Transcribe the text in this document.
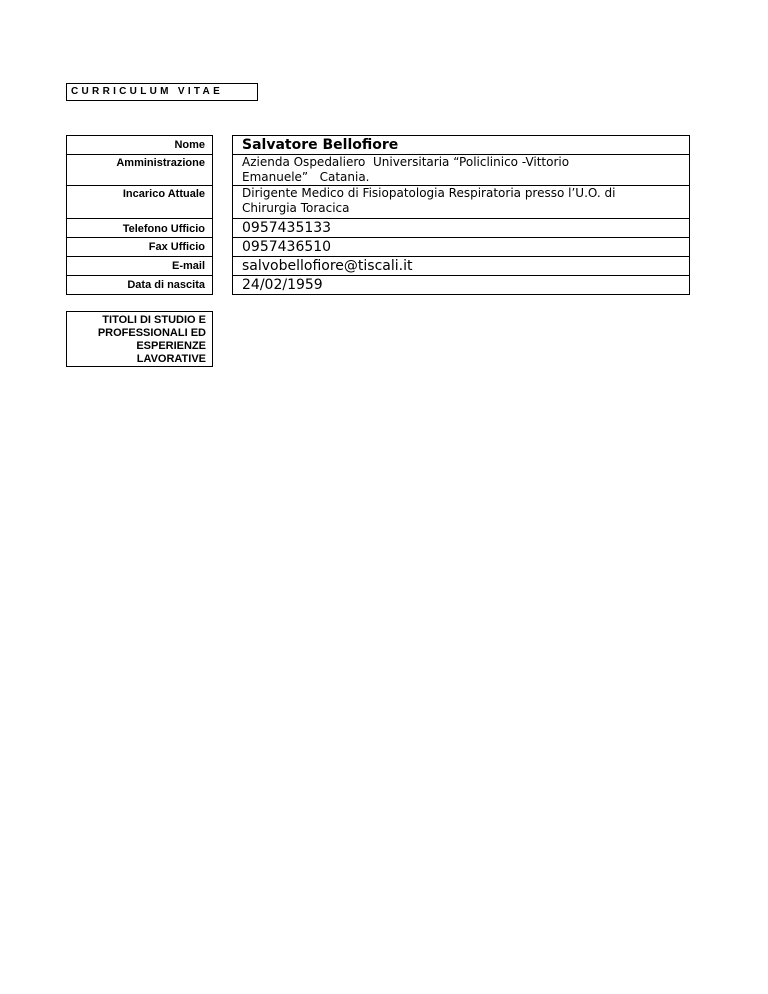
CURRICULUM VITAE
Nome
Amministrazione
Incarico Attuale
Telefono Ufficio
Fax Ufficio
E-mail
Data di nascita
Salvatore Bellofiore
Azienda Ospedaliero  Universitaria “Policlinico -Vittorio
Emanuele”   Catania.
Dirigente Medico di Fisiopatologia Respiratoria presso l’U.O. di
Chirurgia Toracica
0957435133
0957436510
salvobellofiore@tiscali.it
24/02/1959
TITOLI DI STUDIO E
PROFESSIONALI ED
ESPERIENZE
LAVORATIVE
